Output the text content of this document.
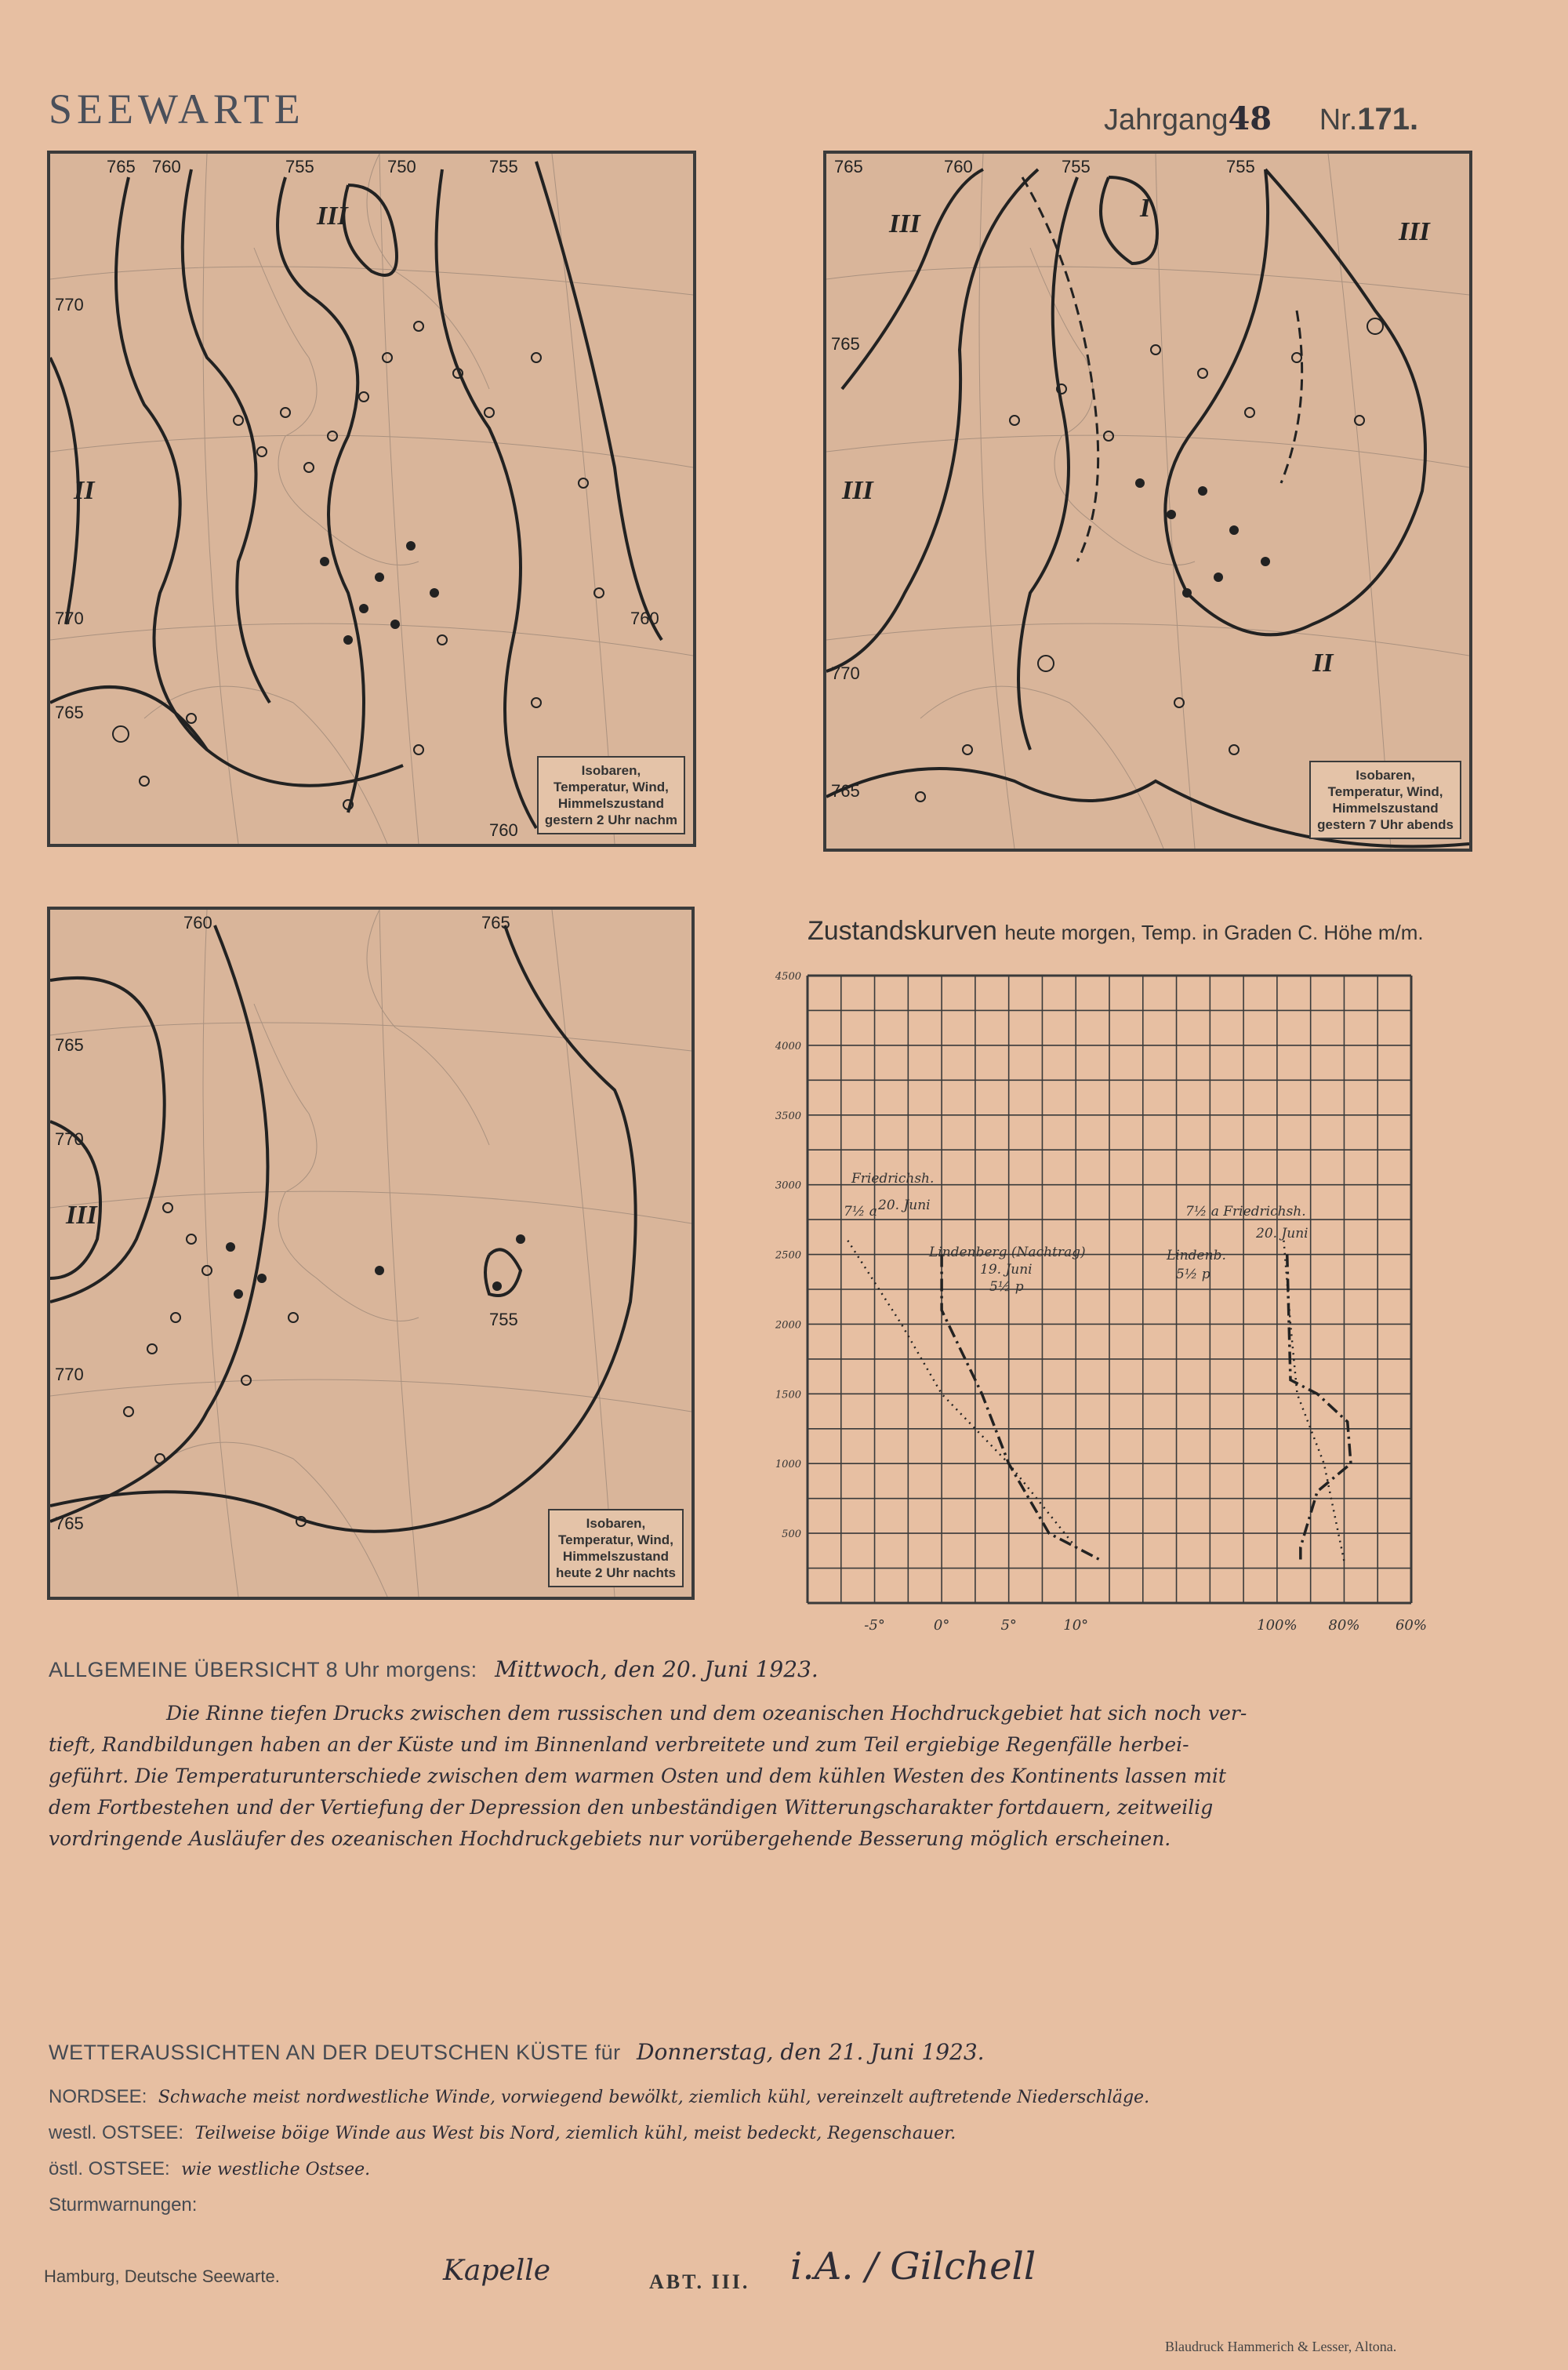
SEEWARTE	Jahrgang48 Nr.171.
765 760	755	750	755
770
770
765
760
760
III
II
Isobaren,
Temperatur, Wind,
Himmelszustand
gestern 2 Uhr nachm
765	760	755	755
765
770
765
III
I
III
III
II
Isobaren,
Temperatur, Wind,
Himmelszustand
gestern 7 Uhr abends
760	765
765
770
770
765
755
III
Isobaren,
Temperatur, Wind,
Himmelszustand
heute 2 Uhr nachts
Zustandskurven heute morgen, Temp. in Graden C. Höhe m/m.
4500
4000
3500
3000
2500
2000
1500
1000
500
-5°	0°	5°	10°	100% 80%	60%
Friedrichsh.
7½ a 20. Juni
Lindenberg (Nachtrag)
19. Juni
5½ p
7½ a Friedrichsh.
20. Juni
Lindenb.
5½ p
ALLGEMEINE ÜBERSICHT 8 Uhr morgens: Mittwoch, den 20. Juni 1923.

Die Rinne tiefen Drucks zwischen dem russischen und dem ozeanischen Hochdruckgebiet hat sich noch ver-

tieft, Randbildungen haben an der Küste und im Binnenland verbreitete und zum Teil ergiebige Regenfälle herbei-

geführt. Die Temperaturunterschiede zwischen dem warmen Osten und dem kühlen Westen des Kontinents lassen mit

dem Fortbestehen und der Vertiefung der Depression den unbeständigen Witterungscharakter fortdauern, zeitweilig

vordringende Ausläufer des ozeanischen Hochdruckgebiets nur vorübergehende Besserung möglich erscheinen.

WETTERAUSSICHTEN AN DER DEUTSCHEN KÜSTE für Donnerstag, den 21. Juni 1923.
NORDSEE: Schwache meist nordwestliche Winde, vorwiegend bewölkt, ziemlich kühl, vereinzelt auftretende Niederschläge.
westl. OSTSEE: Teilweise böige Winde aus West bis Nord, ziemlich kühl, meist bedeckt, Regenschauer.
östl. OSTSEE: wie westliche Ostsee.
Sturmwarnungen:
Hamburg, Deutsche Seewarte.	Kapelle	ABT. III. i.A. / Gilchell
Blaudruck Hammerich & Lesser, Altona.
